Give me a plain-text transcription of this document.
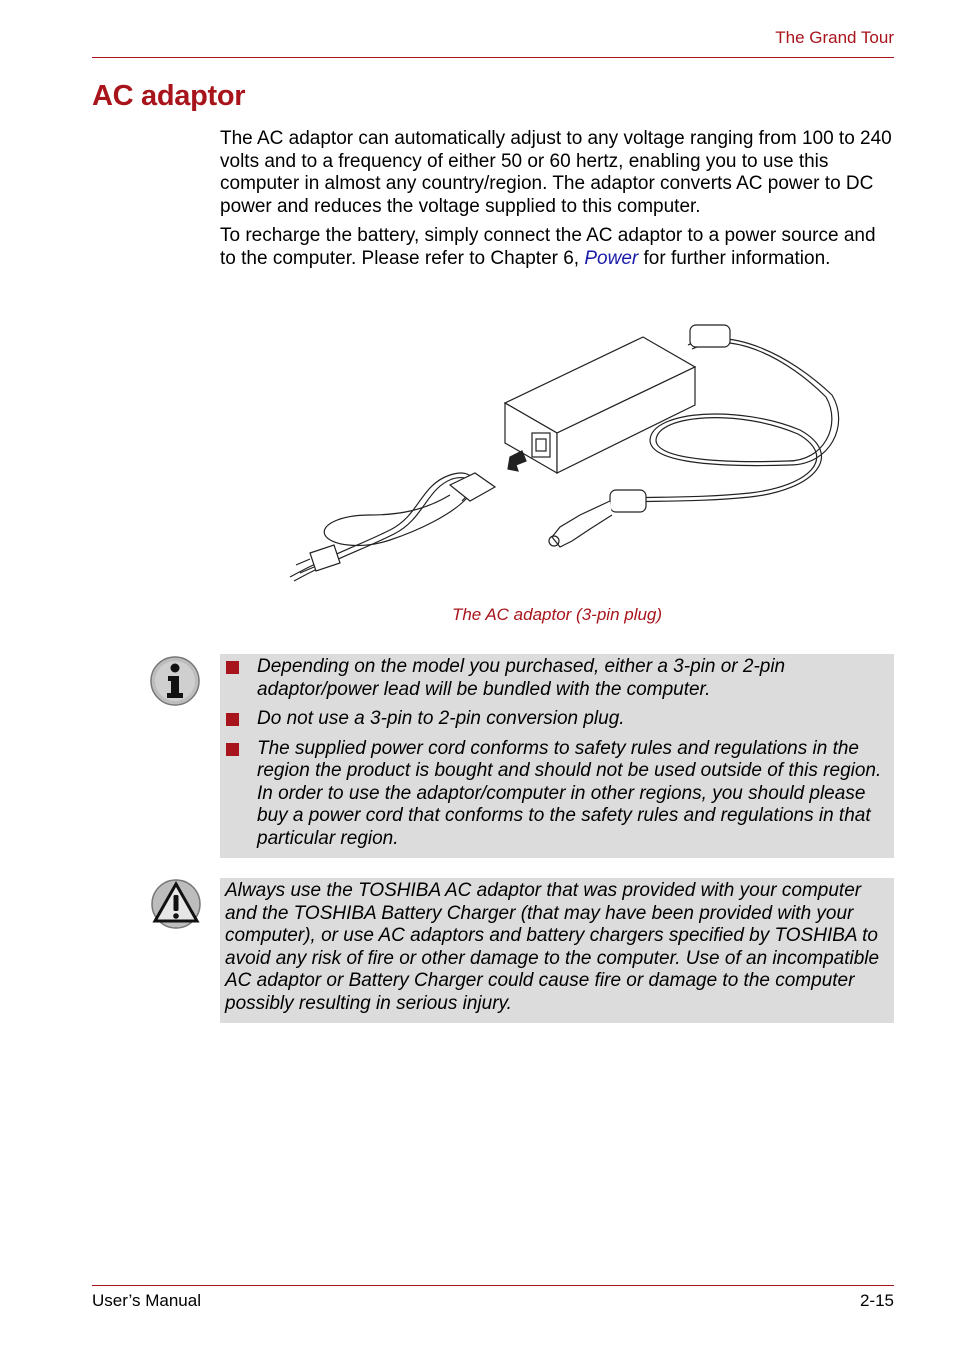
The Grand Tour
AC adaptor

The AC adaptor can automatically adjust to any voltage ranging from 100 to 240 volts and to a frequency of either 50 or 60 hertz, enabling you to use this computer in almost any country/region. The adaptor converts AC power to DC power and reduces the voltage supplied to this computer.

To recharge the battery, simply connect the AC adaptor to a power source and to the computer. Please refer to Chapter 6, Power for further information.

The AC adaptor (3-pin plug)
Depending on the model you purchased, either a 3-pin or 2-pin adaptor/power lead will be bundled with the computer.
Do not use a 3-pin to 2-pin conversion plug.
The supplied power cord conforms to safety rules and regulations in the region the product is bought and should not be used outside of this region. In order to use the adaptor/computer in other regions, you should please buy a power cord that conforms to the safety rules and regulations in that particular region.

Always use the TOSHIBA AC adaptor that was provided with your computer and the TOSHIBA Battery Charger (that may have been provided with your computer), or use AC adaptors and battery chargers specified by TOSHIBA to avoid any risk of fire or other damage to the computer. Use of an incompatible AC adaptor or Battery Charger could cause fire or damage to the computer possibly resulting in serious injury.

User’s Manual	2-15
